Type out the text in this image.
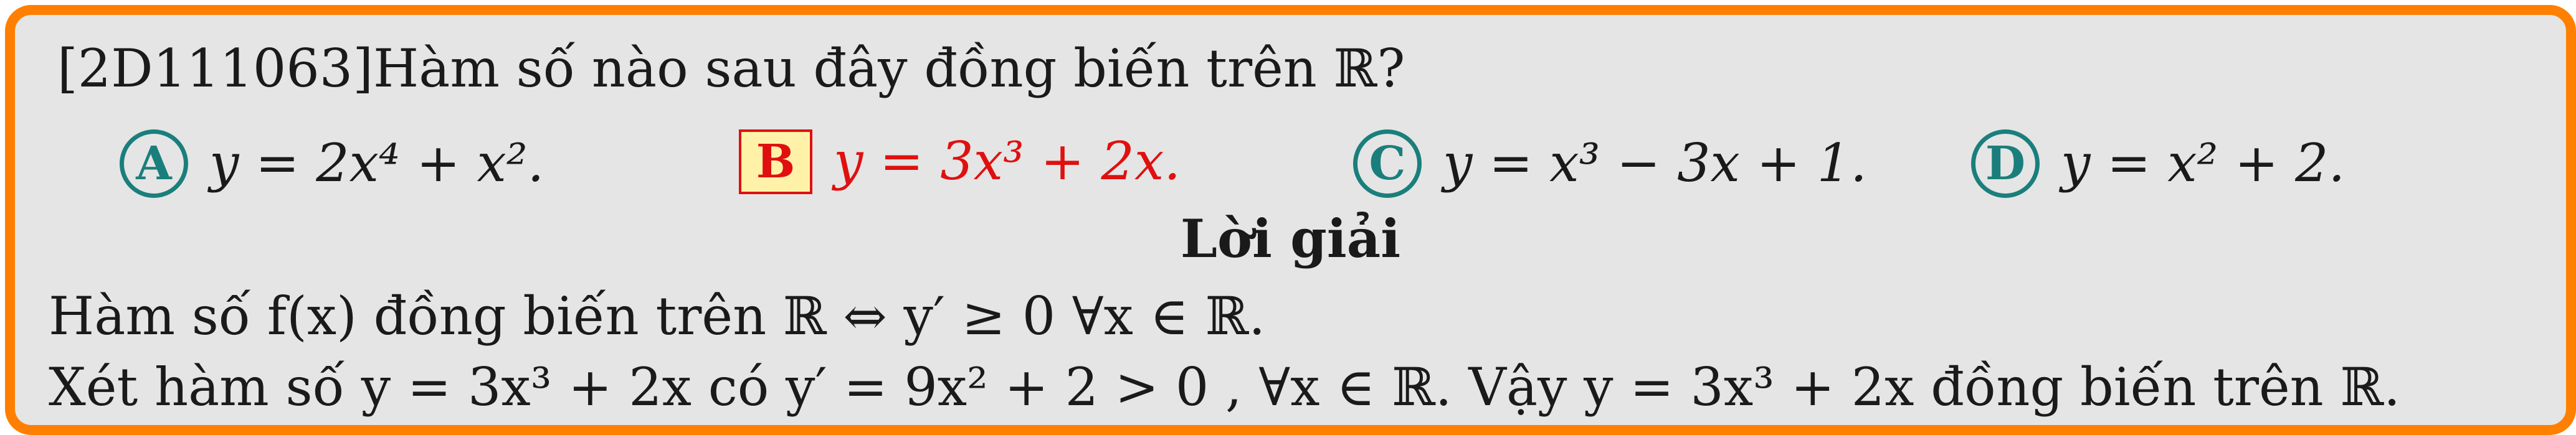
[2D111063]Hàm số nào sau đây đồng biến trên ℝ?
A y = 2x⁴ + x².	B y = 3x³ + 2x.	C y = x³ − 3x + 1.	D y = x² + 2.
Lời giải
Hàm số f(x) đồng biến trên ℝ ⇔ y′ ≥ 0 ∀x ∈ ℝ.
Xét hàm số y = 3x³ + 2x có y′ = 9x² + 2 > 0 , ∀x ∈ ℝ. Vậy y = 3x³ + 2x đồng biến trên ℝ.
